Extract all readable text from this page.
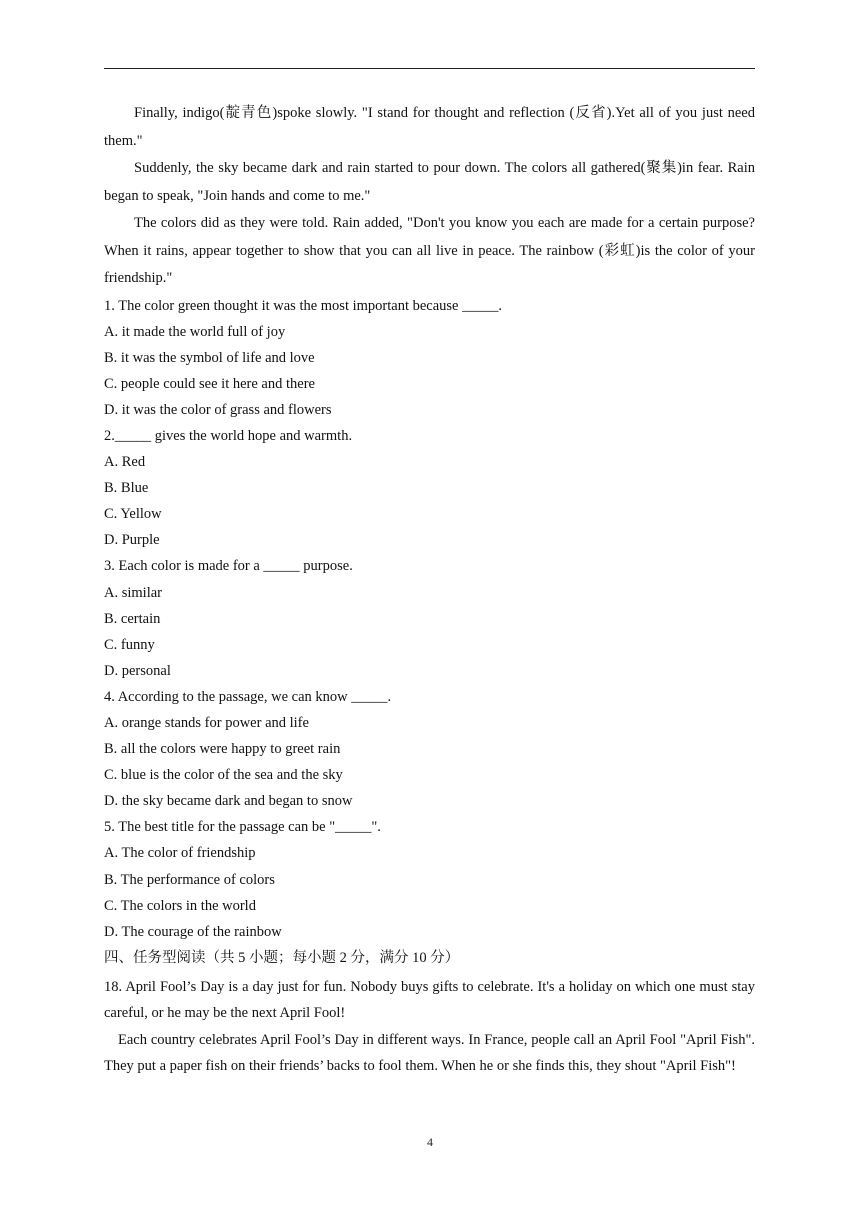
Finally, indigo(靛青色)spoke slowly. "I stand for thought and reflection (反省).Yet all of you just need them."

Suddenly, the sky became dark and rain started to pour down. The colors all gathered(聚集)in fear. Rain began to speak, "Join hands and come to me."

The colors did as they were told. Rain added, "Don't you know you each are made for a certain purpose? When it rains, appear together to show that you can all live in peace. The rainbow (彩虹)is the color of your friendship."

1. The color green thought it was the most important because _____.
A. it made the world full of joy
B. it was the symbol of life and love
C. people could see it here and there
D. it was the color of grass and flowers
2._____ gives the world hope and warmth.
A. Red
B. Blue
C. Yellow
D. Purple
3. Each color is made for a _____ purpose.
A. similar
B. certain
C. funny
D. personal
4. According to the passage, we can know _____.
A. orange stands for power and life
B. all the colors were happy to greet rain
C. blue is the color of the sea and the sky
D. the sky became dark and began to snow
5. The best title for the passage can be "_____".
A. The color of friendship
B. The performance of colors
C. The colors in the world
D. The courage of the rainbow
四、任务型阅读（共 5 小题；每小题 2 分，满分 10 分）

18. April Fool’s Day is a day just for fun. Nobody buys gifts to celebrate. It's a holiday on which one must stay careful, or he may be the next April Fool!

Each country celebrates April Fool’s Day in different ways. In France, people call an April Fool "April Fish". They put a paper fish on their friends’ backs to fool them. When he or she finds this, they shout "April Fish"!

4
